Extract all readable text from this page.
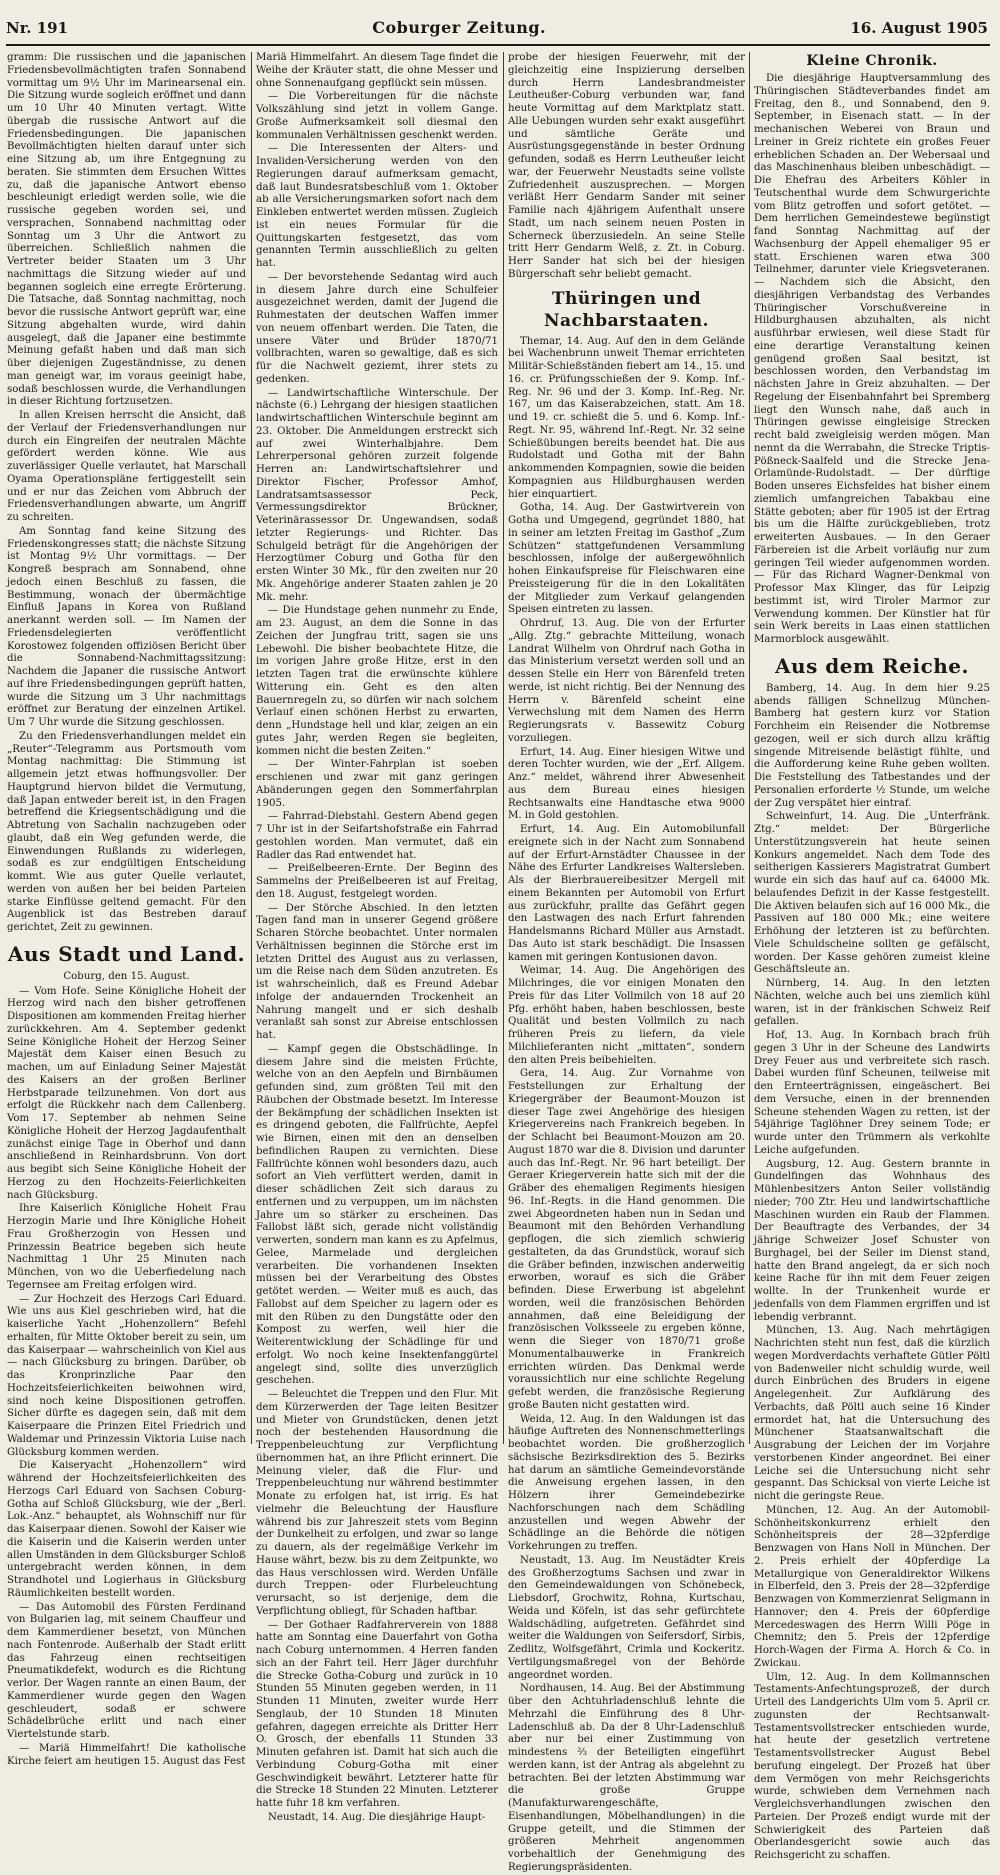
Nr. 191	Coburger Zeitung.	16. August 1905

gramm: Die russischen und die japanischen Friedensbevollmächtigten trafen Sonnabend vormittag um 9½ Uhr im Marinearsenal ein. Die Sitzung wurde sogleich eröffnet und dann um 10 Uhr 40 Minuten vertagt. Witte übergab die russische Antwort auf die Friedensbedingungen. Die japanischen Bevollmächtigten hielten darauf unter sich eine Sitzung ab, um ihre Entgegnung zu beraten. Sie stimmten dem Ersuchen Wittes zu, daß die japanische Antwort ebenso beschleunigt erledigt werden solle, wie die russische gegeben worden sei, und versprachen, Sonnabend nachmittag oder Sonntag um 3 Uhr die Antwort zu überreichen. Schließlich nahmen die Vertreter beider Staaten um 3 Uhr nachmittags die Sitzung wieder auf und begannen sogleich eine erregte Erörterung. Die Tatsache, daß Sonntag nachmittag, noch bevor die russische Antwort geprüft war, eine Sitzung abgehalten wurde, wird dahin ausgelegt, daß die Japaner eine bestimmte Meinung gefaßt haben und daß man sich über diejenigen Zugeständnisse, zu denen man geneigt war, im voraus geeinigt habe, sodaß beschlossen wurde, die Verhandlungen in dieser Richtung fortzusetzen.

In allen Kreisen herrscht die Ansicht, daß der Verlauf der Friedensverhandlungen nur durch ein Eingreifen der neutralen Mächte gefördert werden könne. Wie aus zuverlässiger Quelle verlautet, hat Marschall Oyama Operationspläne fertiggestellt sein und er nur das Zeichen vom Abbruch der Friedensverhandlungen abwarte, um Angriff zu schreiten.

Am Sonntag fand keine Sitzung des Friedenskongresses statt; die nächste Sitzung ist Montag 9½ Uhr vormittags. — Der Kongreß besprach am Sonnabend, ohne jedoch einen Beschluß zu fassen, die Bestimmung, wonach der übermächtige Einfluß Japans in Korea von Rußland anerkannt werden soll. — Im Namen der Friedensdelegierten veröffentlicht Korostowez folgenden offiziösen Bericht über die Sonnabend-Nachmittagssitzung: Nachdem die Japaner die russische Antwort auf ihre Friedensbedingungen geprüft hatten, wurde die Sitzung um 3 Uhr nachmittags eröffnet zur Beratung der einzelnen Artikel. Um 7 Uhr wurde die Sitzung geschlossen.

Zu den Friedensverhandlungen meldet ein „Reuter“-Telegramm aus Portsmouth vom Montag nachmittag: Die Stimmung ist allgemein jetzt etwas hoffnungsvoller. Der Hauptgrund hiervon bildet die Vermutung, daß Japan entweder bereit ist, in den Fragen betreffend die Kriegsentschädigung und die Abtretung von Sachalin nachzugeben oder glaubt, daß ein Weg gefunden werde, die Einwendungen Rußlands zu widerlegen, sodaß es zur endgültigen Entscheidung kommt. Wie aus guter Quelle verlautet, werden von außen her bei beiden Parteien starke Einflüsse geltend gemacht. Für den Augenblick ist das Bestreben darauf gerichtet, Zeit zu gewinnen.

Aus Stadt und Land.
Coburg, den 15. August.

— Vom Hofe. Seine Königliche Hoheit der Herzog wird nach den bisher getroffenen Dispositionen am kommenden Freitag hierher zurückkehren. Am 4. September gedenkt Seine Königliche Hoheit der Herzog Seiner Majestät dem Kaiser einen Besuch zu machen, um auf Einladung Seiner Majestät des Kaisers an der großen Berliner Herbstparade teilzunehmen. Von dort aus erfolgt die Rückkehr nach dem Callenberg. Vom 17. September ab nehmen Seine Königliche Hoheit der Herzog Jagdaufenthalt zunächst einige Tage in Oberhof und dann anschließend in Reinhardsbrunn. Von dort aus begibt sich Seine Königliche Hoheit der Herzog zu den Hochzeits-Feierlichkeiten nach Glücksburg.

Ihre Kaiserlich Königliche Hoheit Frau Herzogin Marie und Ihre Königliche Hoheit Frau Großherzogin von Hessen und Prinzessin Beatrice begeben sich heute Nachmittag 1 Uhr 25 Minuten nach München, von wo die Ueberfiedelung nach Tegernsee am Freitag erfolgen wird.

— Zur Hochzeit des Herzogs Carl Eduard. Wie uns aus Kiel geschrieben wird, hat die kaiserliche Yacht „Hohenzollern“ Befehl erhalten, für Mitte Oktober bereit zu sein, um das Kaiserpaar — wahrscheinlich von Kiel aus — nach Glücksburg zu bringen. Darüber, ob das Kronprinzliche Paar den Hochzeitsfeierlichkeiten beiwohnen wird, sind noch keine Dispositionen getroffen. Sicher dürfte es dagegen sein, daß mit dem Kaiserpaare die Prinzen Eitel Friedrich und Waldemar und Prinzessin Viktoria Luise nach Glücksburg kommen werden.

Die Kaiseryacht „Hohenzollern“ wird während der Hochzeitsfeierlichkeiten des Herzogs Carl Eduard von Sachsen Coburg-Gotha auf Schloß Glücksburg, wie der „Berl. Lok.-Anz.“ behauptet, als Wohnschiff nur für das Kaiserpaar dienen. Sowohl der Kaiser wie die Kaiserin und die Kaiserin werden unter allen Umständen in dem Glücksburger Schloß untergebracht werden können, in dem Strandhotel und Logierhaus in Glücksburg Räumlichkeiten bestellt worden.

— Das Automobil des Fürsten Ferdinand von Bulgarien lag, mit seinem Chauffeur und dem Kammerdiener besetzt, von München nach Fontenrode. Außerhalb der Stadt erlitt das Fahrzeug einen rechtseitigen Pneumatikdefekt, wodurch es die Richtung verlor. Der Wagen rannte an einen Baum, der Kammerdiener wurde gegen den Wagen geschleudert, sodaß er schwere Schädelbrüche erlitt und nach einer Viertelstunde starb.

— Mariä Himmelfahrt! Die katholische Kirche feiert am heutigen 15. August das Fest

Mariä Himmelfahrt. An diesem Tage findet die Weihe der Kräuter statt, die ohne Messer und ohne Sonnenaufgang gepflückt sein müssen.

— Die Vorbereitungen für die nächste Volkszählung sind jetzt in vollem Gange. Große Aufmerksamkeit soll diesmal den kommunalen Verhältnissen geschenkt werden.

— Die Interessenten der Alters- und Invaliden-Versicherung werden von den Regierungen darauf aufmerksam gemacht, daß laut Bundesratsbeschluß vom 1. Oktober ab alle Versicherungsmarken sofort nach dem Einkleben entwertet werden müssen. Zugleich ist ein neues Formular für die Quittungskarten festgesetzt, das vom genannten Termin ausschließlich zu gelten hat.

— Der bevorstehende Sedantag wird auch in diesem Jahre durch eine Schulfeier ausgezeichnet werden, damit der Jugend die Ruhmestaten der deutschen Waffen immer von neuem offenbart werden. Die Taten, die unsere Väter und Brüder 1870/71 vollbrachten, waren so gewaltige, daß es sich für die Nachwelt geziemt, ihrer stets zu gedenken.

— Landwirtschaftliche Winterschule. Der nächste (6.) Lehrgang der hiesigen staatlichen landwirtschaftlichen Winterschule beginnt am 23. Oktober. Die Anmeldungen erstreckt sich auf zwei Winterhalbjahre. Dem Lehrerpersonal gehören zurzeit folgende Herren an: Landwirtschaftslehrer und Direktor Fischer, Professor Amhof, Landratsamtsassessor Peck, Vermessungsdirektor Brückner, Veterinärassessor Dr. Ungewandsen, sodaß letzter Regierungs- und Richter. Das Schulgeld beträgt für die Angehörigen der Herzogtümer Coburg und Gotha für den ersten Winter 30 Mk., für den zweiten nur 20 Mk. Angehörige anderer Staaten zahlen je 20 Mk. mehr.

— Die Hundstage gehen nunmehr zu Ende, am 23. August, an dem die Sonne in das Zeichen der Jungfrau tritt, sagen sie uns Lebewohl. Die bisher beobachtete Hitze, die im vorigen Jahre große Hitze, erst in den letzten Tagen trat die erwünschte kühlere Witterung ein. Geht es den alten Bauernregeln zu, so dürfen wir nach solchem Verlauf einen schönen Herbst zu erwarten, denn „Hundstage hell und klar, zeigen an ein gutes Jahr, werden Regen sie begleiten, kommen nicht die besten Zeiten.“

— Der Winter-Fahrplan ist soeben erschienen und zwar mit ganz geringen Abänderungen gegen den Sommerfahrplan 1905.

— Fahrrad-Diebstahl. Gestern Abend gegen 7 Uhr ist in der Seifartshofstraße ein Fahrrad gestohlen worden. Man vermutet, daß ein Radler das Rad entwendet hat.

— Preißelbeeren-Ernte. Der Beginn des Sammelns der Preißelbeeren ist auf Freitag, den 18. August, festgelegt worden.

— Der Störche Abschied. In den letzten Tagen fand man in unserer Gegend größere Scharen Störche beobachtet. Unter normalen Verhältnissen beginnen die Störche erst im letzten Drittel des August aus zu verlassen, um die Reise nach dem Süden anzutreten. Es ist wahrscheinlich, daß es Freund Adebar infolge der andauernden Trockenheit an Nahrung mangelt und er sich deshalb veranlaßt sah sonst zur Abreise entschlossen hat.

— Kampf gegen die Obstschädlinge. In diesem Jahre sind die meisten Früchte, welche von an den Aepfeln und Birnbäumen gefunden sind, zum größten Teil mit den Räubchen der Obstmade besetzt. Im Interesse der Bekämpfung der schädlichen Insekten ist es dringend geboten, die Fallfrüchte, Aepfel wie Birnen, einen mit den an denselben befindlichen Raupen zu vernichten. Diese Fallfrüchte können wohl besonders dazu, auch sofort an Vieh verfüttert werden, damit in dieser schädlichen Zeit sich daraus zu entfernen und zu verpuppen, um im nächsten Jahre um so stärker zu erscheinen. Das Fallobst läßt sich, gerade nicht vollständig verwerten, sondern man kann es zu Apfelmus, Gelee, Marmelade und dergleichen verarbeiten. Die vorhandenen Insekten müssen bei der Verarbeitung des Obstes getötet werden. — Weiter muß es auch, das Fallobst auf dem Speicher zu lagern oder es mit den Rüben zu den Dungstätte oder den Kompost zu werfen, weil hier die Weiterentwicklung der Schädlinge für und erfolgt. Wo noch keine Insektenfanggürtel angelegt sind, sollte dies unverzüglich geschehen.

— Beleuchtet die Treppen und den Flur. Mit dem Kürzerwerden der Tage leiten Besitzer und Mieter von Grundstücken, denen jetzt noch der bestehenden Hausordnung die Treppenbeleuchtung zur Verpflichtung übernommen hat, an ihre Pflicht erinnert. Die Meinung vieler, daß die Flur- und Treppenbeleuchtung nur während bestimmter Monate zu erfolgen hat, ist irrig. Es hat vielmehr die Beleuchtung der Hausflure während bis zur Jahreszeit stets vom Beginn der Dunkelheit zu erfolgen, und zwar so lange zu dauern, als der regelmäßige Verkehr im Hause währt, bezw. bis zu dem Zeitpunkte, wo das Haus verschlossen wird. Werden Unfälle durch Treppen- oder Flurbeleuchtung verursacht, so ist derjenige, dem die Verpflichtung obliegt, für Schaden haftbar.

— Der Gothaer Radfahrerverein von 1888 hatte am Sonntag eine Dauerfahrt von Gotha nach Coburg unternommen. 4 Herren fanden sich an der Fahrt teil. Herr Jäger durchfuhr die Strecke Gotha-Coburg und zurück in 10 Stunden 55 Minuten gegeben werden, in 11 Stunden 11 Minuten, zweiter wurde Herr Senglaub, der 10 Stunden 18 Minuten gefahren, dagegen erreichte als Dritter Herr O. Grosch, der ebenfalls 11 Stunden 33 Minuten gefahren ist. Damit hat sich auch die Verbindung Coburg-Gotha mit einer Geschwindigkeit bewährt. Letzterer hatte für die Strecke 18 Stunden 22 Minuten. Letzterer hatte fuhr 18 km verfahren.

Neustadt, 14. Aug. Die diesjährige Haupt-

probe der hiesigen Feuerwehr, mit der gleichzeitig eine Inspizierung derselben durch Herrn Landesbrandmeister Leutheußer-Coburg verbunden war, fand heute Vormittag auf dem Marktplatz statt. Alle Uebungen wurden sehr exakt ausgeführt und sämtliche Geräte und Ausrüstungsgegenstände in bester Ordnung gefunden, sodaß es Herrn Leutheußer leicht war, der Feuerwehr Neustadts seine vollste Zufriedenheit auszusprechen. — Morgen verläßt Herr Gendarm Sander mit seiner Familie nach 4jährigem Aufenthalt unsere Stadt, um nach seinem neuen Posten in Scherneck überzusiedeln. An seine Stelle tritt Herr Gendarm Welß, z. Zt. in Coburg. Herr Sander hat sich bei der hiesigen Bürgerschaft sehr beliebt gemacht.

Thüringen und Nachbarstaaten.

Themar, 14. Aug. Auf den in dem Gelände bei Wachenbrunn unweit Themar errichteten Militär-Schießständen fiebert am 14., 15. und 16. cr. Prüfungsschießen der 9. Komp. Inf.-Reg. Nr. 96 und der 3. Komp. Inf.-Reg. Nr. 167, um das Kaiserabzeichen, statt. Am 18. und 19. cr. schießt die 5. und 6. Komp. Inf.-Regt. Nr. 95, während Inf.-Regt. Nr. 32 seine Schießübungen bereits beendet hat. Die aus Rudolstadt und Gotha mit der Bahn ankommenden Kompagnien, sowie die beiden Kompagnien aus Hildburghausen werden hier einquartiert.

Gotha, 14. Aug. Der Gastwirtverein von Gotha und Umgegend, gegründet 1880, hat in seiner am letzten Freitag im Gasthof „Zum Schützen“ stattgefundenen Versammlung beschlossen, infolge der außergewöhnlich hohen Einkaufspreise für Fleischwaren eine Preissteigerung für die in den Lokalitäten der Mitglieder zum Verkauf gelangenden Speisen eintreten zu lassen.

Ohrdruf, 13. Aug. Die von der Erfurter „Allg. Ztg.“ gebrachte Mitteilung, wonach Landrat Wilhelm von Ohrdruf nach Gotha in das Ministerium versetzt werden soll und an dessen Stelle ein Herr von Bärenfeld treten werde, ist nicht richtig. Bei der Nennung des Herrn v. Bärenfeld scheint eine Verwechslung mit dem Namen des Herrn Regierungsrats v. Bassewitz Coburg vorzuliegen.

Erfurt, 14. Aug. Einer hiesigen Witwe und deren Tochter wurden, wie der „Erf. Allgem. Anz.“ meldet, während ihrer Abwesenheit aus dem Bureau eines hiesigen Rechtsanwalts eine Handtasche etwa 9000 M. in Gold gestohlen.

Erfurt, 14. Aug. Ein Automobilunfall ereignete sich in der Nacht zum Sonnabend auf der Erfurt-Arnstädter Chaussee in der Nähe des Erfurter Landkreises Waltersleben. Als der Bierbrauereibesitzer Mergell mit einem Bekannten per Automobil von Erfurt aus zurückfuhr, prallte das Gefährt gegen den Lastwagen des nach Erfurt fahrenden Handelsmanns Richard Müller aus Arnstadt. Das Auto ist stark beschädigt. Die Insassen kamen mit geringen Kontusionen davon.

Weimar, 14. Aug. Die Angehörigen des Milchringes, die vor einigen Monaten den Preis für das Liter Vollmilch von 18 auf 20 Pfg. erhöht haben, haben beschlossen, beste Qualität und besten Vollmilch zu nach früheren Preis zu liefern, da viele Milchlieferanten nicht „mittaten“, sondern den alten Preis beibehielten.

Gera, 14. Aug. Zur Vornahme von Feststellungen zur Erhaltung der Kriegergräber der Beaumont-Mouzon ist dieser Tage zwei Angehörige des hiesigen Kriegervereins nach Frankreich begeben. In der Schlacht bei Beaumont-Mouzon am 20. August 1870 war die 8. Division und darunter auch das Inf.-Regt. Nr. 96 hart beteiligt. Der Geraer Kriegerverein hatte sich mit der die Gräber des ehemaligen Regiments hiesigen 96. Inf.-Regts. in die Hand genommen. Die zwei Abgeordneten haben nun in Sedan und Beaumont mit den Behörden Verhandlung gepflogen, die sich ziemlich schwierig gestalteten, da das Grundstück, worauf sich die Gräber befinden, inzwischen anderweitig erworben, worauf es sich die Gräber befinden. Diese Erwerbung ist abgelehnt worden, weil die französischen Behörden annahmen, daß eine Beleidigung der französischen Volksseele zu ergeben könne, wenn die Sieger von 1870/71 große Monumentalbauwerke in Frankreich errichten würden. Das Denkmal werde voraussichtlich nur eine schlichte Regelung gefebt werden, die französische Regierung große Bauten nicht gestatten wird.

Weida, 12. Aug. In den Waldungen ist das häufige Auftreten des Nonnenschmetterlings beobachtet worden. Die großherzoglich sächsische Bezirksdirektion des 5. Bezirks hat darum an sämtliche Gemeindevorstände die Anweisung ergehen lassen, in den Hölzern ihrer Gemeindebezirke Nachforschungen nach dem Schädling anzustellen und wegen Abwehr der Schädlinge an die Behörde die nötigen Vorkehrungen zu treffen.

Neustadt, 13. Aug. Im Neustädter Kreis des Großherzogtums Sachsen und zwar in den Gemeindewaldungen von Schönebeck, Liebsdorf, Grochwitz, Rohna, Kurtschau, Weida und Köfeln, ist das sehr gefürchtete Waldschädling, aufgetreten. Gefährdet sind weiter die Waldungen von Seifersdorf, Sirbis, Zedlitz, Wolfsgefährt, Crimla und Kockeritz. Vertilgungsmaßregel von der Behörde angeordnet worden.

Nordhausen, 14. Aug. Bei der Abstimmung über den Achtuhrladenschluß lehnte die Mehrzahl die Einführung des 8 Uhr-Ladenschluß ab. Da der 8 Uhr-Ladenschluß aber nur bei einer Zustimmung von mindestens ⅔ der Beteiligten eingeführt werden kann, ist der Antrag als abgelehnt zu betrachten. Bei der letzten Abstimmung war die große Gruppe (Manufakturwarengeschäfte, Eisenhandlungen, Möbelhandlungen) in die Gruppe geteilt, und die Stimmen der größeren Mehrheit angenommen vorbehaltlich der Genehmigung des Regierungspräsidenten.

Kleine Chronik.

Die diesjährige Hauptversammlung des Thüringischen Städteverbandes findet am Freitag, den 8., und Sonnabend, den 9. September, in Eisenach statt. — In der mechanischen Weberei von Braun und Lreiner in Greiz richtete ein großes Feuer erheblichen Schaden an. Der Webersaal und das Maschinenhaus bleiben unbeschädigt. — Die Ehefrau des Arbeiters Köhler in Teutschenthal wurde dem Schwurgerichte vom Blitz getroffen und sofort getötet. — Dem herrlichen Gemeindestewe begünstigt fand Sonntag Nachmittag auf der Wachsenburg der Appell ehemaliger 95 er statt. Erschienen waren etwa 300 Teilnehmer, darunter viele Kriegsveteranen. — Nachdem sich die Absicht, den diesjährigen Verbandstag des Verbandes Thüringischer Vorschußvereine in Hildburghausen abzuhalten, als nicht ausführbar erwiesen, weil diese Stadt für eine derartige Veranstaltung keinen genügend großen Saal besitzt, ist beschlossen worden, den Verbandstag im nächsten Jahre in Greiz abzuhalten. — Der Regelung der Eisenbahnfahrt bei Spremberg liegt den Wunsch nahe, daß auch in Thüringen gewisse eingleisige Strecken recht bald zweigleisig werden mögen. Man nennt da die Werrabahn, die Strecke Triptis-Pößneck-Saalfeld und die Strecke Jena-Orlamünde-Rudolstadt. — Der dürftige Boden unseres Eichsfeldes hat bisher einem ziemlich umfangreichen Tabakbau eine Stätte geboten; aber für 1905 ist der Ertrag bis um die Hälfte zurückgeblieben, trotz erweiterten Ausbaues. — In den Geraer Färbereien ist die Arbeit vorläufig nur zum geringen Teil wieder aufgenommen worden. — Für das Richard Wagner-Denkmal von Professor Max Klinger, das für Leipzig bestimmt ist, wird Tiroler Marmor zur Verwendung kommen. Der Künstler hat für sein Werk bereits in Laas einen stattlichen Marmorblock ausgewählt.

Aus dem Reiche.

Bamberg, 14. Aug. In dem hier 9.25 abends fälligen Schnellzug München-Bamberg hat gestern kurz vor Station Forchheim ein Reisender die Notbremse gezogen, weil er sich durch allzu kräftig singende Mitreisende belästigt fühlte, und die Aufforderung keine Ruhe geben wollten. Die Feststellung des Tatbestandes und der Personalien erforderte ½ Stunde, um welche der Zug verspätet hier eintraf.

Schweinfurt, 14. Aug. Die „Unterfränk. Ztg.“ meldet: Der Bürgerliche Unterstützungsverein hat heute seinen Konkurs angemeldet. Nach dem Tode des seitherigen Kassierers Magistratrat Gumbert wurde ein sich das hauf auf ca. 64000 Mk. belaufendes Defizit in der Kasse festgestellt. Die Aktiven belaufen sich auf 16 000 Mk., die Passiven auf 180 000 Mk.; eine weitere Erhöhung der letzteren ist zu befürchten. Viele Schuldscheine sollten ge gefälscht, worden. Der Kasse gehören zumeist kleine Geschäftsleute an.

Nürnberg, 14. Aug. In den letzten Nächten, welche auch bei uns ziemlich kühl waren, ist in der fränkischen Schweiz Reif gefallen.

Hof, 13. Aug. In Kornbach brach früh gegen 3 Uhr in der Scheune des Landwirts Drey Feuer aus und verbreitete sich rasch. Dabei wurden fünf Scheunen, teilweise mit den Ernteerträgnissen, eingeäschert. Bei dem Versuche, einen in der brennenden Scheune stehenden Wagen zu retten, ist der 54jährige Taglöhner Drey seinem Tode; er wurde unter den Trümmern als verkohlte Leiche aufgefunden.

Augsburg, 12. Aug. Gestern brannte in Gundelfingen das Wohnhaus des Mühlenbesitzers Anton Seiler vollständig nieder; 700 Ztr. Heu und landwirtschaftliche Maschinen wurden ein Raub der Flammen. Der Beauftragte des Verbandes, der 34 jährige Schweizer Josef Schuster von Burghagel, bei der Seiler im Dienst stand, hatte den Brand angelegt, da er sich noch keine Rache für ihn mit dem Feuer zeigen wollte. In der Trunkenheit wurde er jedenfalls von dem Flammen ergriffen und ist lebendig verbrannt.

München, 13. Aug. Nach mehrtägigen Nachrichten steht nun fest, daß die kürzlich wegen Mordverdachts verhaftete Gütler Pöltl von Badenweiler nicht schuldig wurde, weil durch Einbrüchen des Bruders in eigene Angelegenheit. Zur Aufklärung des Verbachts, daß Pöltl auch seine 16 Kinder ermordet hat, hat die Untersuchung des Münchener Staatsanwaltschaft die Ausgrabung der Leichen der im Vorjahre verstorbenen Kinder angeordnet. Bei einer Leiche sei die Untersuchung nicht sehr gespannt. Das Schicksal von vierte Leiche ist nicht die geringste Reue.

München, 12. Aug. An der Automobil-Schönheitskonkurrenz erhielt den Schönheitspreis der 28—32pferdige Benzwagen von Hans Noll in München. Der 2. Preis erhielt der 40pferdige La Metallurgique von Generaldirektor Wilkens in Elberfeld, den 3. Preis der 28—32pferdige Benzwagen von Kommerzienrat Seligmann in Hannover; den 4. Preis der 60pferdige Mercedeswagen des Herrn Willi Pöge in Chemnitz; den 5. Preis der 12pferdige Horch-Wagen der Firma A. Horch & Co. in Zwickau.

Ulm, 12. Aug. In dem Kollmannschen Testaments-Anfechtungsprozeß, der durch Urteil des Landgerichts Ulm vom 5. April cr. zugunsten der Rechtsanwalt-Testamentsvollstrecker entschieden wurde, hat heute der gesetzlich vertretene Testamentsvollstrecker August Bebel berufung eingelegt. Der Prozeß hat über dem Vermögen von mehr Reichsgerichts wurde, schwieben dem Vernehmen nach Vergleichsverhandlungen zwischen den Parteien. Der Prozeß endigt wurde mit der Schwierigkeit des Parteien daß Oberlandesgericht sowie auch das Reichsgericht zu schaffen.
